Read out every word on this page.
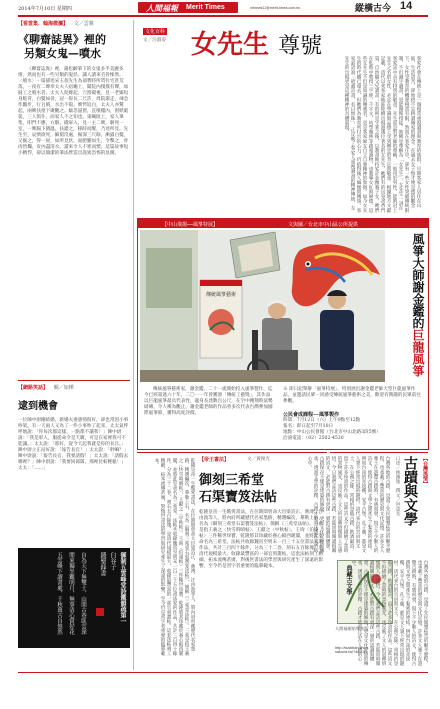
2014年7月10日 星期四	人間福報 Merit Times	mtnews11@merit-times.com.tw	縱橫古今 14
【看雲集．翰海微瀾】 文／雲翼
《聊齋誌異》裡的
另類女鬼—噴水
《聊齋誌異》裡，蒲松齡筆下的女鬼多半美麗多情，然而也有一些另類的鬼怪，讓人讀來毛骨悚然。〈噴水〉一篇描述宋玉叔先生為部曹時所賃住宅甚荒落，一夜有二婢奉太夫人宿廳上，聞院內撲撲有聲，如縫工之噴水者。太夫人促婢起，穴窗窺視，見一老嫗短身駝背，白髮如帚，冠一髻長二尺許，周院環走，竦急作鸛步，行且噴，水出不窮。婢愕返白，太夫人亦驚起，兩婢扶窗下聚觀之。嫗忽逼窗，直噴欞內，窗紙破裂，三人俱仆，而家人不之知也。東曦既上，家人畢集，叩門不應，方駭。撬扉入，見一主二婢，駢死一室，一婢膈下猶溫。扶灌之，移時而醒，乃述所見。先生至，哀憤欲死，細窮沒處，掘深三尺餘，漸露白髮，又掘之，得一屍，如所見狀，面肥腫如生。令擊之，骨肉皆爛，皮內盡清水。讀來令人不寒而慄，這篇故事短小精悍，卻以簡潔的筆法營造出詭異恐怖的氛圍。
【網路笑話】 輯／如樺
逮到機會
一位陳中尉剛結婚，新婚夫妻感情很好，卻也常因小事吵架。有一天兩人又為了一件小事吵了起來，太太氣呼呼地說：「你每次都這樣，一點都不讓我！」陳中尉說：「我是軍人，服從命令是天職，可是在家裡我可不能讓。」太太說：「那好，從今天起我就是你的長官。」陳中尉立正站好說：「報告長官！」太太說：「幹嘛？」陳中尉說：「報告長官，我要請假！」太太說：「請假去哪裡？」陳中尉說：「我要回部隊，那裡比較輕鬆！」太太：「……」
御制五雲峰堂詩鑑韻疏第一
臼谷子
錢聖鋒書
自為天下無雙士，山間古巷臥雲深
閒來獨坐觀明月，無事清心賞好花
五雲峰下讀書處，千秋萬古自悠然
文化百科
文／汪淑姿 女先生 尊號
客家社會在傳統上是一個相當重視讀書與教育的族群，早期客家人居住在山區，生活清苦，卻始終不忘耕讀傳家的理念。在過去女子無才便是德的觀念下，女性受教育的機會相當有限，然而在客家庄中，卻有一些女性突破傳統限制，不但識字讀書，更能開館授徒，被鄉里尊稱為「女先生」。女先生一詞在客家話中具有特別的敬意，先生原是對老師的尊稱，一般用於男性，能被冠上先生之名的女性，必定在學識與品德上受到鄉里的肯定與敬重。根據地方文獻記載，清代以來客家地區陸續出現過幾位著名的女先生，她們有的出身書香門第，自幼隨父兄讀書；有的則是守寡之後，以教書維持家計並撫養子女。她們在私塾中教授三字經、千字文、幼學瓊林等啟蒙讀物，也教導女紅與婦德。這些女先生不但是知識的傳遞者，更是客家婦女自立自強精神的象徵。如今女先生的時代雖已遠去，但她們為教育所付出的心力，仍值得後人緬懷與傳頌。客家諺語說「唔讀詩書，有目無珠」，正反映了客家人重視讀書的精神傳統，女先生的出現更是這種精神的具體展現。
【中山飛揚──風箏特展】	文與圖／台北市中山區公所提供
傳統風箏藝術	風箏大師謝金鑑的巨龍風箏
傳統風箏藝術家，謝金鑑，二十一歲開始投入風箏製作，迄今已經超過六十年，二〇一一年曾獲頒「傳統工藝獎」，其作品以巨龍風箏最具代表性，龍身長達數百公尺，在空中翱翔時氣勢磅礡，令人嘆為觀止。謝金鑑老師的作品曾多次代表台灣參加國際風箏節，獲得高度評價。
※ 即日起舉辦「風箏特展」，特別展出謝金鑑老師大型巨龍風箏作品，並邀請民眾一同感受傳統風箏藝術之美，歡迎有興趣的民眾前往參觀。
公民會成課程──風箏製作
時間：7月12日（六）上午9點至12點
報名：即日起至7月10日
地點：中山公民會館（台北市中山北路3段5號）
洽詢電話：（02）2502-4530
【帝王書法】	文／黃俊光
御刻三希堂
石渠寶笈法帖
乾隆皇帝一生酷愛書法，在位期間曾命大臣梁詩正、蔣溥、汪由敦等人，將內府所藏歷代名家墨跡，精選編次，摹勒上石，名為《御刻三希堂石渠寶笈法帖》，簡稱《三希堂法帖》。三希是指王羲之〈快雪時晴帖〉、王獻之〈中秋帖〉、王珣〈伯遠帖〉三件稀世珍寶，乾隆將其珍藏於養心殿西暖閣，並將此室命名為三希堂。法帖共收錄魏晉至明末一百三十五位書法家的作品，共計三百四十餘件，分為三十二卷，刻石五百餘塊，是清代規模最大、收錄最豐富的一部官刻叢帖。這套法帖刻工精細，拓本流傳甚廣，對後世書法的學習與研究產生了深遠的影響，至今仍是習字者重要的臨摹範本。
乾隆皇帝一生酷愛書法，在位期間曾命大臣梁詩正、蔣溥、汪由敦等人，將內府所藏歷代名家墨跡，精選編次，摹勒上石，名為《御刻三希堂石渠寶笈法帖》，簡稱《三希堂法帖》。三希是指王羲之〈快雪時晴帖〉、王獻之〈中秋帖〉、王珣〈伯遠帖〉三件稀世珍寶，乾隆將其珍藏於養心殿西暖閣，並將此室命名為三希堂。法帖共收錄魏晉至明末一百三十五位書法家的作品，共計三百四十餘件，分為三十二卷，刻石五百餘塊，是清代規模最大、收錄最豐富的一部官刻叢帖。這套法帖刻工精細，拓本流傳甚廣，對後世書法的學習與研究產生了深遠的影響，至今仍是習字者重要的臨摹範本。	典藏古文學
人間福報結集出版
http://tsaixtian.shop.
sakuna.tw/?483-01
【台灣風情】
古蹟與文學
口述／林漢逸　撰文／洪彥丞
台灣各地的古蹟，見證了先民開墾拓荒的艱辛歷程，也承載了豐富的歷史與文化記憶。許多文人雅士在遊覽古蹟時，有感而發，寫下不少動人的詩文，使得古蹟與文學之間產生了緊密的連結。例如台南的赤崁樓、安平古堡、孔子廟，都是文人筆下經常出現的題材。清代來台的官員與文士，在公務之餘，常相約登臨古蹟，飲酒賦詩，留下許多珍貴的作品。這些詩文不但描繪了當時的景物風光，也反映了文人的思鄉情懷與人生感悟。今日我們走訪這些古蹟，若能同時閱讀相關的詩文，必能對古蹟有更深一層的認識與體會。古蹟保存不僅是建築的修復，更是文化記憶的傳承，透過文學的詮釋，古蹟才能真正活在人們的心中。
台灣各地的古蹟，見證了先民開墾拓荒的艱辛歷程，也承載了豐富的歷史與文化記憶。許多文人雅士在遊覽古蹟時，有感而發，寫下不少動人的詩文，使得古蹟與文學之間產生了緊密的連結。例如台南的赤崁樓、安平古堡、孔子廟，都是文人筆下經常出現的題材。清代來台的官員與文士，在公務之餘，常相約登臨古蹟，飲酒賦詩，留下許多珍貴的作品。這些詩文不但描繪了當時的景物風光，也反映了文人的思鄉情懷與人生感悟。今日我們走訪這些古蹟，若能同時閱讀相關的詩文，必能對古蹟有更深一層的認識與體會。古蹟保存不僅是建築的修復，更是文化記憶的傳承，透過文學的詮釋，古蹟才能真正活在人們的心中。
